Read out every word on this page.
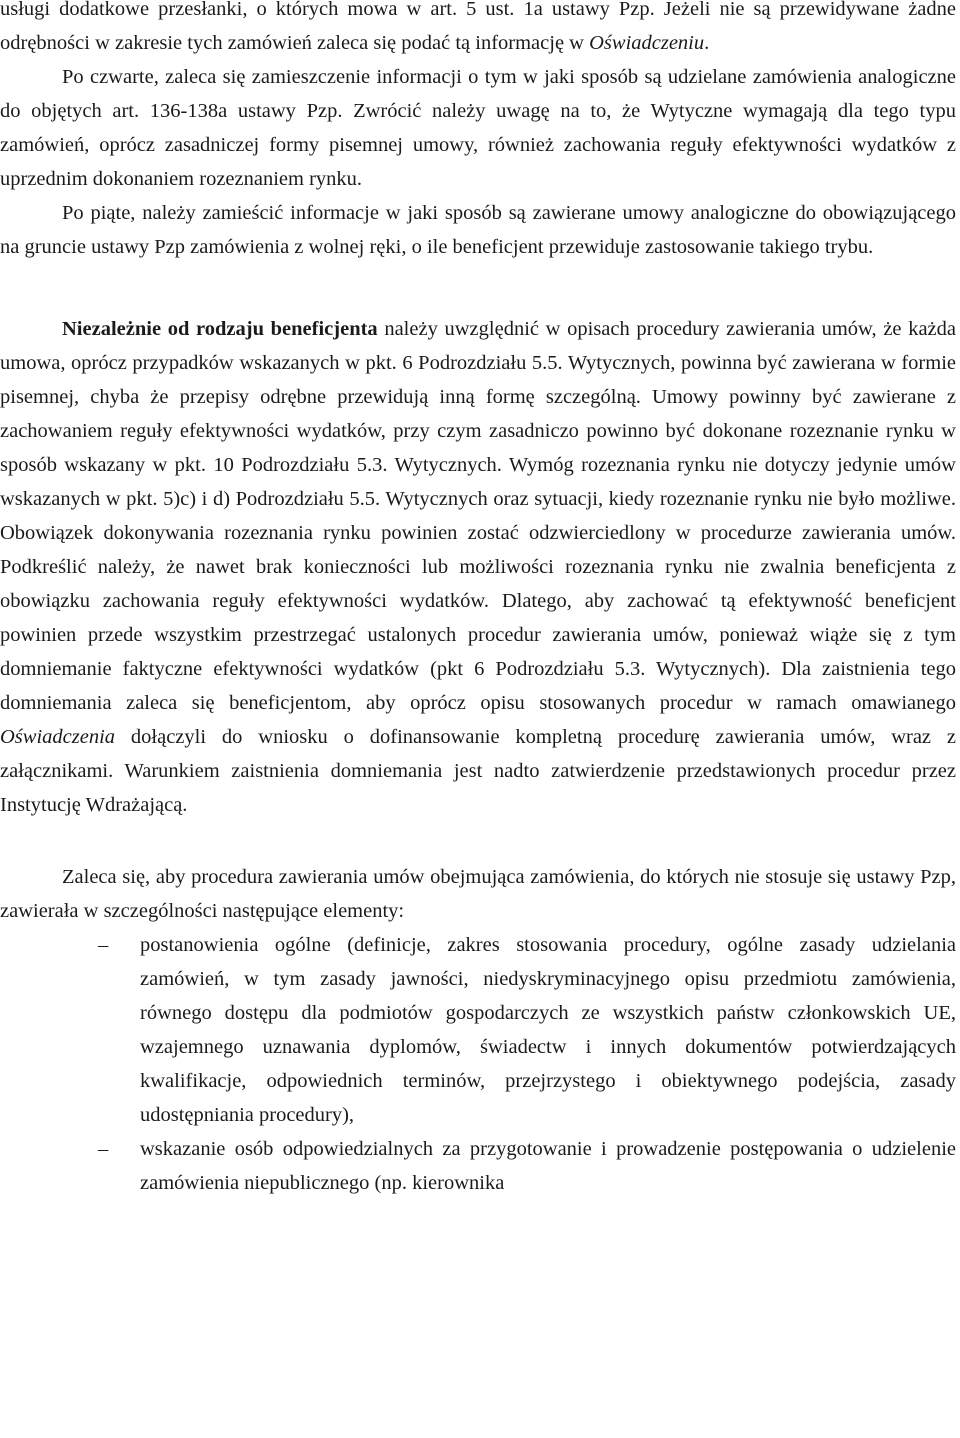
usługi dodatkowe przesłanki, o których mowa w art. 5 ust. 1a ustawy Pzp. Jeżeli nie są przewidywane żadne odrębności w zakresie tych zamówień zaleca się podać tą informację w Oświadczeniu.

Po czwarte, zaleca się zamieszczenie informacji o tym w jaki sposób są udzielane zamówienia analogiczne do objętych art. 136-138a ustawy Pzp. Zwrócić należy uwagę na to, że Wytyczne wymagają dla tego typu zamówień, oprócz zasadniczej formy pisemnej umowy, również zachowania reguły efektywności wydatków z uprzednim dokonaniem rozeznaniem rynku.

Po piąte, należy zamieścić informacje w jaki sposób są zawierane umowy analogiczne do obowiązującego na gruncie ustawy Pzp zamówienia z wolnej ręki, o ile beneficjent przewiduje zastosowanie takiego trybu.

Niezależnie od rodzaju beneficjenta należy uwzględnić w opisach procedury zawierania umów, że każda umowa, oprócz przypadków wskazanych w pkt. 6 Podrozdziału 5.5. Wytycznych, powinna być zawierana w formie pisemnej, chyba że przepisy odrębne przewidują inną formę szczególną. Umowy powinny być zawierane z zachowaniem reguły efektywności wydatków, przy czym zasadniczo powinno być dokonane rozeznanie rynku w sposób wskazany w pkt. 10 Podrozdziału 5.3. Wytycznych. Wymóg rozeznania rynku nie dotyczy jedynie umów wskazanych w pkt. 5)c) i d) Podrozdziału 5.5. Wytycznych oraz sytuacji, kiedy rozeznanie rynku nie było możliwe. Obowiązek dokonywania rozeznania rynku powinien zostać odzwierciedlony w procedurze zawierania umów. Podkreślić należy, że nawet brak konieczności lub możliwości rozeznania rynku nie zwalnia beneficjenta z obowiązku zachowania reguły efektywności wydatków. Dlatego, aby zachować tą efektywność beneficjent powinien przede wszystkim przestrzegać ustalonych procedur zawierania umów, ponieważ wiąże się z tym domniemanie faktyczne efektywności wydatków (pkt 6 Podrozdziału 5.3. Wytycznych). Dla zaistnienia tego domniemania zaleca się beneficjentom, aby oprócz opisu stosowanych procedur w ramach omawianego Oświadczenia dołączyli do wniosku o dofinansowanie kompletną procedurę zawierania umów, wraz z załącznikami. Warunkiem zaistnienia domniemania jest nadto zatwierdzenie przedstawionych procedur przez Instytucję Wdrażającą.

Zaleca się, aby procedura zawierania umów obejmująca zamówienia, do których nie stosuje się ustawy Pzp, zawierała w szczególności następujące elementy:

– postanowienia ogólne (definicje, zakres stosowania procedury, ogólne zasady udzielania zamówień, w tym zasady jawności, niedyskryminacyjnego opisu przedmiotu zamówienia, równego dostępu dla podmiotów gospodarczych ze wszystkich państw członkowskich UE, wzajemnego uznawania dyplomów, świadectw i innych dokumentów potwierdzających kwalifikacje, odpowiednich terminów, przejrzystego i obiektywnego podejścia, zasady udostępniania procedury),
– wskazanie osób odpowiedzialnych za przygotowanie i prowadzenie postępowania o udzielenie zamówienia niepublicznego (np. kierownika
